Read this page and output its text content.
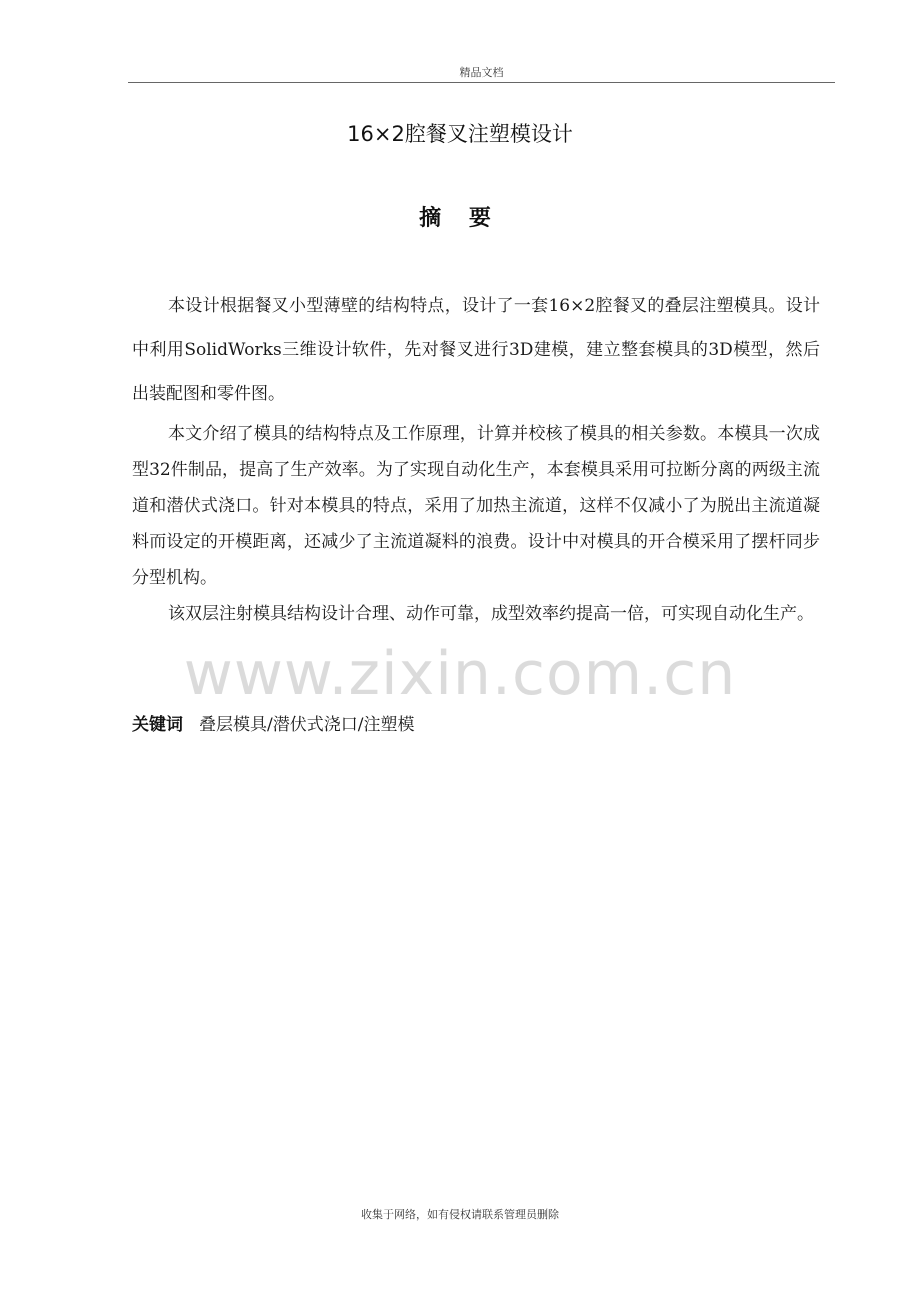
精品文档
16×2腔餐叉注塑模设计
摘 要

本设计根据餐叉小型薄壁的结构特点，设计了一套16×2腔餐叉的叠层注塑模具。设计中利用SolidWorks三维设计软件，先对餐叉进行3D建模，建立整套模具的3D模型，然后出装配图和零件图。

本文介绍了模具的结构特点及工作原理，计算并校核了模具的相关参数。本模具一次成型32件制品，提高了生产效率。为了实现自动化生产，本套模具采用可拉断分离的两级主流道和潜伏式浇口。针对本模具的特点，采用了加热主流道，这样不仅减小了为脱出主流道凝料而设定的开模距离，还减少了主流道凝料的浪费。设计中对模具的开合模采用了摆杆同步分型机构。

该双层注射模具结构设计合理、动作可靠，成型效率约提高一倍，可实现自动化生产。

www.zixin.com.cn
关键词 叠层模具/潜伏式浇口/注塑模
收集于网络，如有侵权请联系管理员删除
